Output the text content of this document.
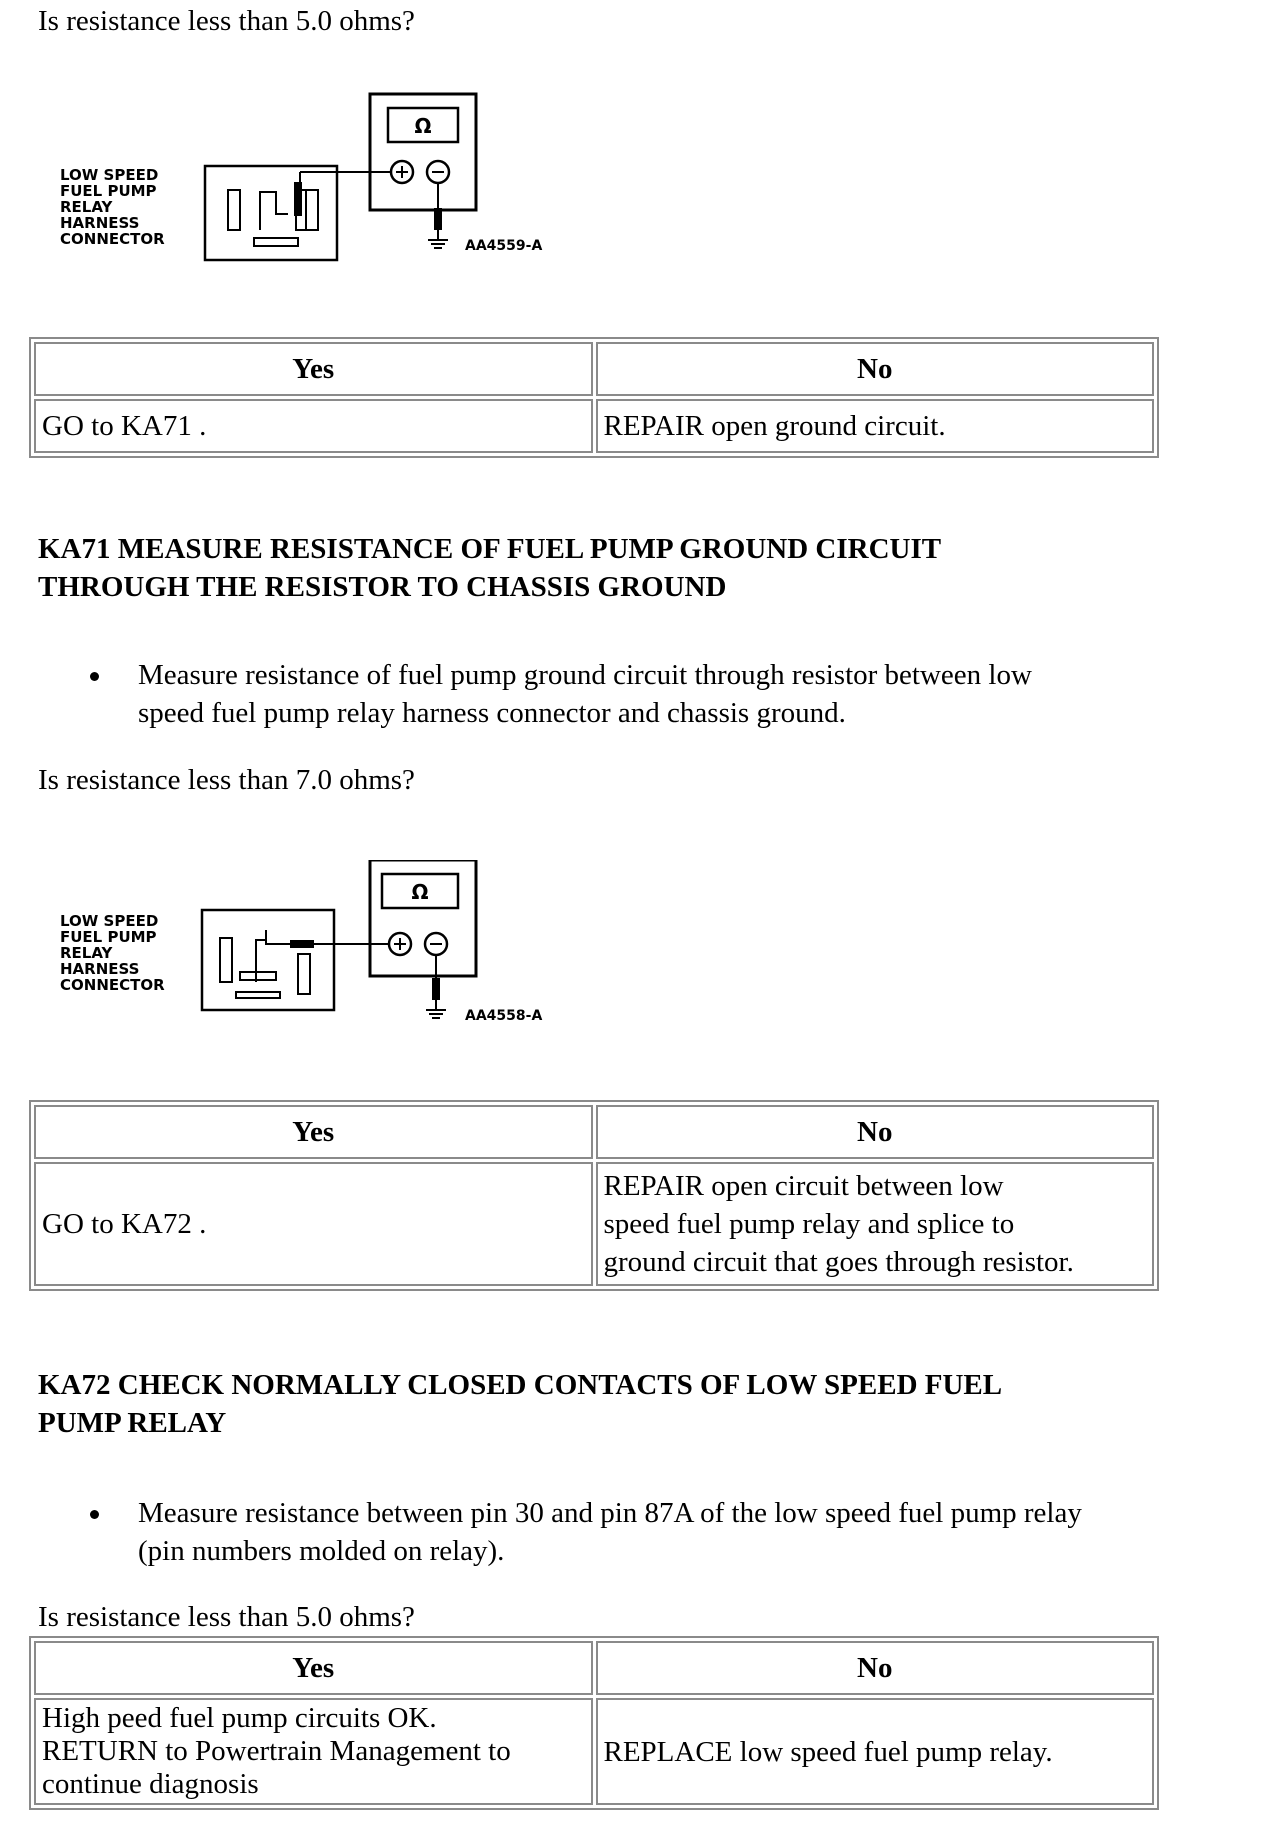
Is resistance less than 5.0 ohms?
Ω
LOW SPEED
FUEL PUMP
RELAY
HARNESS
CONNECTOR	AA4559-A
Yes	No
GO to KA71 .	REPAIR open ground circuit.
KA71 MEASURE RESISTANCE OF FUEL PUMP GROUND CIRCUIT
THROUGH THE RESISTOR TO CHASSIS GROUND
Measure resistance of fuel pump ground circuit through resistor between low
speed fuel pump relay harness connector and chassis ground.
Is resistance less than 7.0 ohms?
Ω
LOW SPEED
FUEL PUMP
RELAY
HARNESS
CONNECTOR
AA4558-A
Yes	No
GO to KA72 .	REPAIR open circuit between low
speed fuel pump relay and splice to
ground circuit that goes through resistor.
KA72 CHECK NORMALLY CLOSED CONTACTS OF LOW SPEED FUEL
PUMP RELAY
Measure resistance between pin 30 and pin 87A of the low speed fuel pump relay
(pin numbers molded on relay).
Is resistance less than 5.0 ohms?
Yes	No

High peed fuel pump circuits OK.
RETURN to Powertrain Management to
continue diagnosis	REPLACE low speed fuel pump relay.
